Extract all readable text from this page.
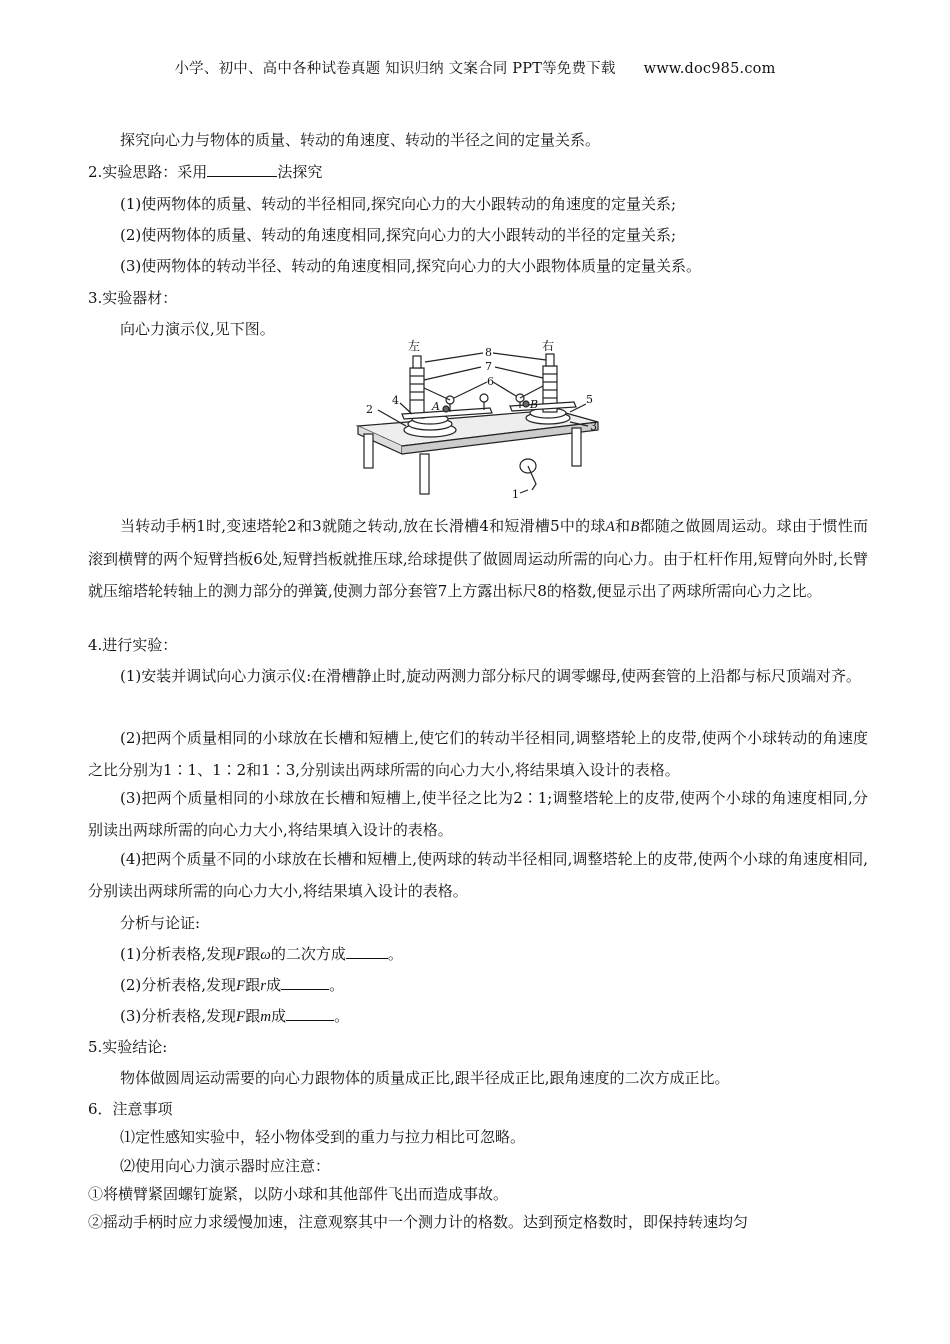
小学、初中、高中各种试卷真题 知识归纳 文案合同 PPT等免费下载 www.doc985.com
探究向心力与物体的质量、转动的角速度、转动的半径之间的定量关系。
2.实验思路：采用	法探究
(1)使两物体的质量、转动的半径相同,探究向心力的大小跟转动的角速度的定量关系;
(2)使两物体的质量、转动的角速度相同,探究向心力的大小跟转动的半径的定量关系;
(3)使两物体的转动半径、转动的角速度相同,探究向心力的大小跟物体质量的定量关系。
3.实验器材：
向心力演示仪,见下图。
左	右
8
7
6
2
4	5
3
1
A	B
当转动手柄1时,变速塔轮2和3就随之转动,放在长滑槽4和短滑槽5中的球A和B都随之做圆周运动。球由于惯性而滚到横臂的两个短臂挡板6处,短臂挡板就推压球,给球提供了做圆周运动所需的向心力。由于杠杆作用,短臂向外时,长臂就压缩塔轮转轴上的测力部分的弹簧,使测力部分套管7上方露出标尺8的格数,便显示出了两球所需向心力之比。
4.进行实验：
(1)安装并调试向心力演示仪:在滑槽静止时,旋动两测力部分标尺的调零螺母,使两套管的上沿都与标尺顶端对齐。
(2)把两个质量相同的小球放在长槽和短槽上,使它们的转动半径相同,调整塔轮上的皮带,使两个小球转动的角速度之比分别为1∶1、1∶2和1∶3,分别读出两球所需的向心力大小,将结果填入设计的表格。
(3)把两个质量相同的小球放在长槽和短槽上,使半径之比为2∶1;调整塔轮上的皮带,使两个小球的角速度相同,分别读出两球所需的向心力大小,将结果填入设计的表格。
(4)把两个质量不同的小球放在长槽和短槽上,使两球的转动半径相同,调整塔轮上的皮带,使两个小球的角速度相同,分别读出两球所需的向心力大小,将结果填入设计的表格。
分析与论证:
(1)分析表格,发现F跟ω的二次方成	。
(2)分析表格,发现F跟r成	。
(3)分析表格,发现F跟m成	。
5.实验结论:
物体做圆周运动需要的向心力跟物体的质量成正比,跟半径成正比,跟角速度的二次方成正比。
6．注意事项
⑴定性感知实验中，轻小物体受到的重力与拉力相比可忽略。
⑵使用向心力演示器时应注意：
①将横臂紧固螺钉旋紧，以防小球和其他部件飞出而造成事故。
②摇动手柄时应力求缓慢加速，注意观察其中一个测力计的格数。达到预定格数时，即保持转速均匀
